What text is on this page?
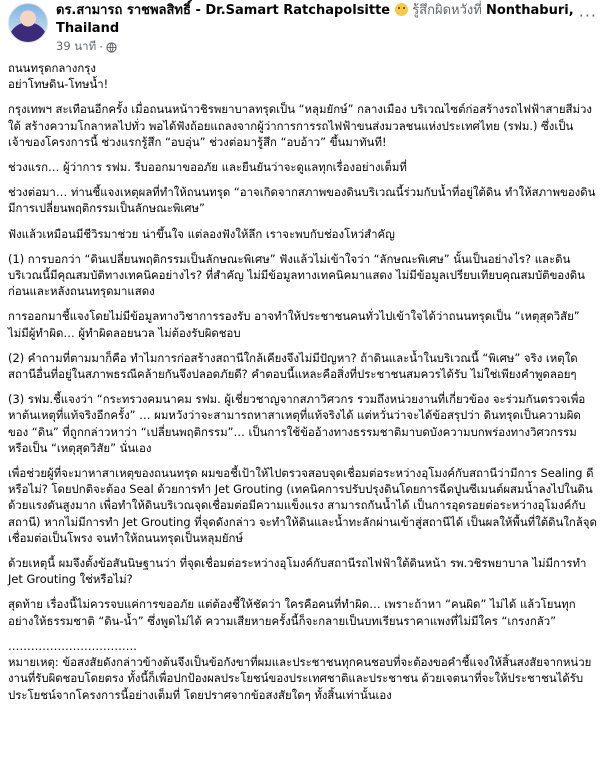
ดร.สามารถ ราชพลสิทธิ์ - Dr.Samart Ratchapolsitte  รู้สึกผิดหวังที่ Nonthaburi, Thailand
39 นาที ·
···

ถนนทรุดกลางกรุง

อย่าโทษดิน-โทษน้ำ!

กรุงเทพฯ สะเทือนอีกครั้ง เมื่อถนนหน้าวชิรพยาบาลทรุดเป็น “หลุมยักษ์” กลางเมือง บริเวณไซต์ก่อสร้างรถไฟฟ้าสายสีม่วงใต้ สร้างความโกลาหลไปทั่ว พอได้ฟังถ้อยแถลงจากผู้ว่าการการรถไฟฟ้าขนส่งมวลชนแห่งประเทศไทย (รฟม.) ซึ่งเป็นเจ้าของโครงการนี้ ช่วงแรกรู้สึก “อบอุ่น” ช่วงต่อมารู้สึก “อบอ้าว” ขึ้นมาทันที!

ช่วงแรก… ผู้ว่าการ รฟม. รีบออกมาขออภัย และยืนยันว่าจะดูแลทุกเรื่องอย่างเต็มที่

ช่วงต่อมา… ท่านชี้แจงเหตุผลที่ทำให้ถนนทรุด “อาจเกิดจากสภาพของดินบริเวณนี้ร่วมกับน้ำที่อยู่ใต้ดิน ทำให้สภาพของดินมีการเปลี่ยนพฤติกรรมเป็นลักษณะพิเศษ”

ฟังแล้วเหมือนมีชีวิรมาช่วย น่าขึ้นใจ แต่ลองฟังให้ลึก เราจะพบกับช่องโหว่สำคัญ

(1) การบอกว่า “ดินเปลี่ยนพฤติกรรมเป็นลักษณะพิเศษ” ฟังแล้วไม่เข้าใจว่า “ลักษณะพิเศษ” นั้นเป็นอย่างไร? และดินบริเวณนี้มีคุณสมบัติทางเทคนิคอย่างไร? ที่สำคัญ ไม่มีข้อมูลทางเทคนิคมาแสดง ไม่มีข้อมูลเปรียบเทียบคุณสมบัติของดินก่อนและหลังถนนทรุดมาแสดง

การออกมาชี้แจงโดยไม่มีข้อมูลทางวิชาการรองรับ อาจทำให้ประชาชนคนทั่วไปเข้าใจได้ว่าถนนทรุดเป็น “เหตุสุดวิสัย” ไม่มีผู้ทำผิด… ผู้ทำผิดลอยนวล ไม่ต้องรับผิดชอบ

(2) คำถามที่ตามมาก็คือ ทำไมการก่อสร้างสถานีใกล้เคียงจึงไม่มีปัญหา? ถ้าดินและน้ำในบริเวณนี้ “พิเศษ” จริง เหตุใดสถานีอื่นที่อยู่ในสภาพธรณีคล้ายกันจึงปลอดภัยดี? คำตอบนี้แหละคือสิ่งที่ประชาชนสมควรได้รับ ไม่ใช่เพียงคำพูดลอยๆ

(3) รฟม.ชี้แจงว่า “กระทรวงคมนาคม รฟม. ผู้เชี่ยวชาญจากสภาวิศวกร รวมถึงหน่วยงานที่เกี่ยวข้อง จะร่วมกันตรวจเพื่อหาต้นเหตุที่แท้จริงอีกครั้ง” … ผมหวังว่าจะสามารถหาสาเหตุที่แท้จริงได้ แต่หวั่นว่าจะได้ข้อสรุปว่า ดินทรุดเป็นความผิดของ “ดิน” ที่ถูกกล่าวหาว่า “เปลี่ยนพฤติกรรม”… เป็นการใช้ข้ออ้างทางธรรมชาติมาบดบังความบกพร่องทางวิศวกรรม หรือเป็น “เหตุสุดวิสัย” นั่นเอง

เพื่อช่วยผู้ที่จะมาหาสาเหตุของถนนทรุด ผมขอชี้เป้าให้ไปตรวจสอบจุดเชื่อมต่อระหว่างอุโมงค์กับสถานีว่ามีการ Sealing ดีหรือไม่? โดยปกติจะต้อง Seal ด้วยการทำ Jet Grouting (เทคนิคการปรับปรุงดินโดยการฉีดปูนซีเมนต์ผสมน้ำลงไปในดินด้วยแรงดันสูงมาก เพื่อทำให้ดินบริเวณจุดเชื่อมต่อมีความแข็งแรง สามารถกันน้ำได้ เป็นการอุดรอยต่อระหว่างอุโมงค์กับสถานี) หากไม่มีการทำ Jet Grouting ที่จุดดังกล่าว จะทำให้ดินและน้ำทะลักผ่านเข้าสู่สถานีได้ เป็นผลให้พื้นที่ใต้ดินใกล้จุดเชื่อมต่อเป็นโพรง จนทำให้ถนนทรุดเป็นหลุมยักษ์

ด้วยเหตุนี้ ผมจึงตั้งข้อสันนิษฐานว่า ที่จุดเชื่อมต่อระหว่างอุโมงค์กับสถานีรถไฟฟ้าใต้ดินหน้า รพ.วชิรพยาบาล ไม่มีการทำ Jet Grouting ใช่หรือไม่?

สุดท้าย เรื่องนี้ไม่ควรจบแค่การขออภัย แต่ต้องชี้ให้ชัดว่า ใครคือคนที่ทำผิด… เพราะถ้าหา “คนผิด” ไม่ได้ แล้วโยนทุกอย่างให้ธรรมชาติ “ดิน-น้ำ” ซึ่งพูดไม่ได้ ความเสียหายครั้งนี้ก็จะกลายเป็นบทเรียนราคาแพงที่ไม่มีใคร “เกรงกลัว”

…………………………….

หมายเหตุ: ข้อสงสัยดังกล่าวข้างต้นจึงเป็นข้อกังขาที่ผมและประชาชนทุกคนชอบที่จะต้องขอคำชี้แจงให้สิ้นสงสัยจากหน่วยงานที่รับผิดชอบโดยตรง ทั้งนี้ก็เพื่อปกป้องผลประโยชน์ของประเทศชาติและประชาชน ด้วยเจตนาที่จะให้ประชาชนได้รับประโยชน์จากโครงการนี้อย่างเต็มที่ โดยปราศจากข้อสงสัยใดๆ ทั้งสิ้นเท่านั้นเอง
